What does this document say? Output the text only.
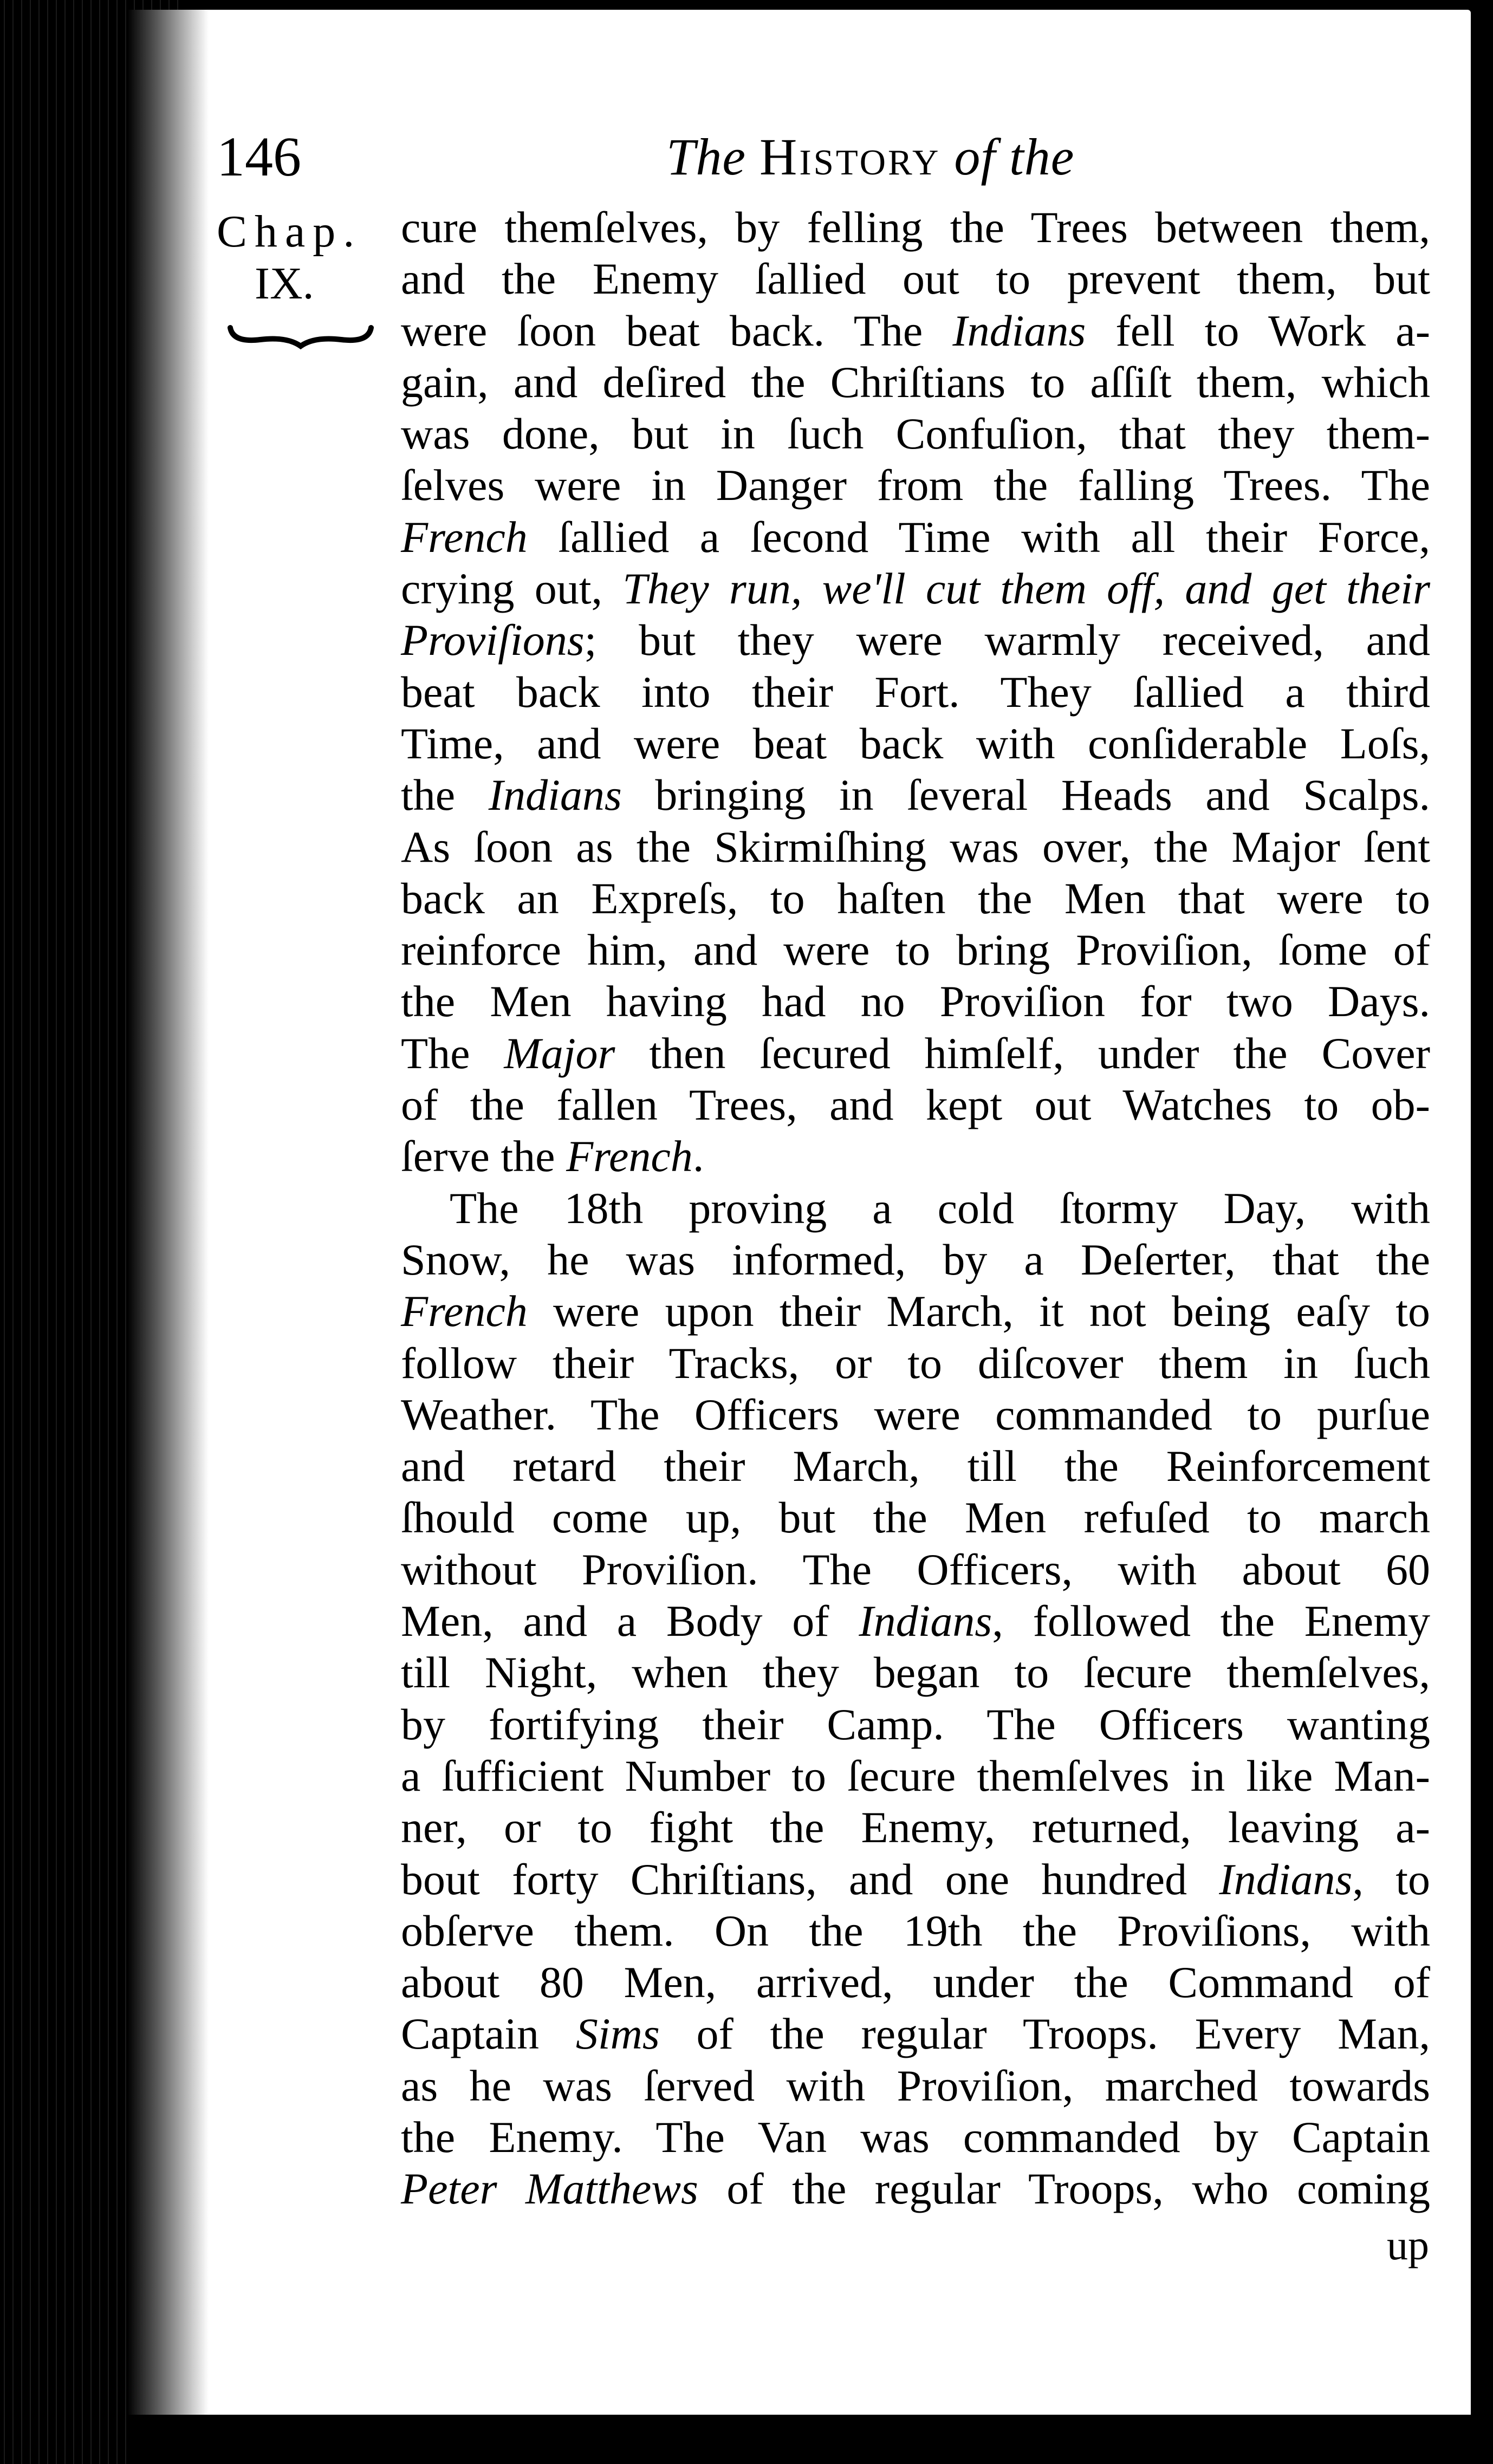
146	The History of the
Chap.
IX.
cure themſelves, by felling the Trees between them,
and the Enemy ſallied out to prevent them, but
were ſoon beat back. The Indians fell to Work a-
gain, and deſired the Chriſtians to aſſiſt them, which
was done, but in ſuch Confuſion, that they them-
ſelves were in Danger from the falling Trees. The
French ſallied a ſecond Time with all their Force,
crying out, They run, we'll cut them off, and get their
Proviſions; but they were warmly received, and
beat back into their Fort. They ſallied a third
Time, and were beat back with conſiderable Loſs,
the Indians bringing in ſeveral Heads and Scalps.
As ſoon as the Skirmiſhing was over, the Major ſent
back an Expreſs, to haſten the Men that were to
reinforce him, and were to bring Proviſion, ſome of
the Men having had no Proviſion for two Days.
The Major then ſecured himſelf, under the Cover
of the fallen Trees, and kept out Watches to ob-
ſerve the French.
The 18th proving a cold ſtormy Day, with
Snow, he was informed, by a Deſerter, that the
French were upon their March, it not being eaſy to
follow their Tracks, or to diſcover them in ſuch
Weather. The Officers were commanded to purſue
and retard their March, till the Reinforcement
ſhould come up, but the Men refuſed to march
without Proviſion. The Officers, with about 60
Men, and a Body of Indians, followed the Enemy
till Night, when they began to ſecure themſelves,
by fortifying their Camp. The Officers wanting
a ſufficient Number to ſecure themſelves in like Man-
ner, or to fight the Enemy, returned, leaving a-
bout forty Chriſtians, and one hundred Indians, to
obſerve them. On the 19th the Proviſions, with
about 80 Men, arrived, under the Command of
Captain Sims of the regular Troops. Every Man,
as he was ſerved with Proviſion, marched towards
the Enemy. The Van was commanded by Captain
Peter Matthews of the regular Troops, who coming
up
